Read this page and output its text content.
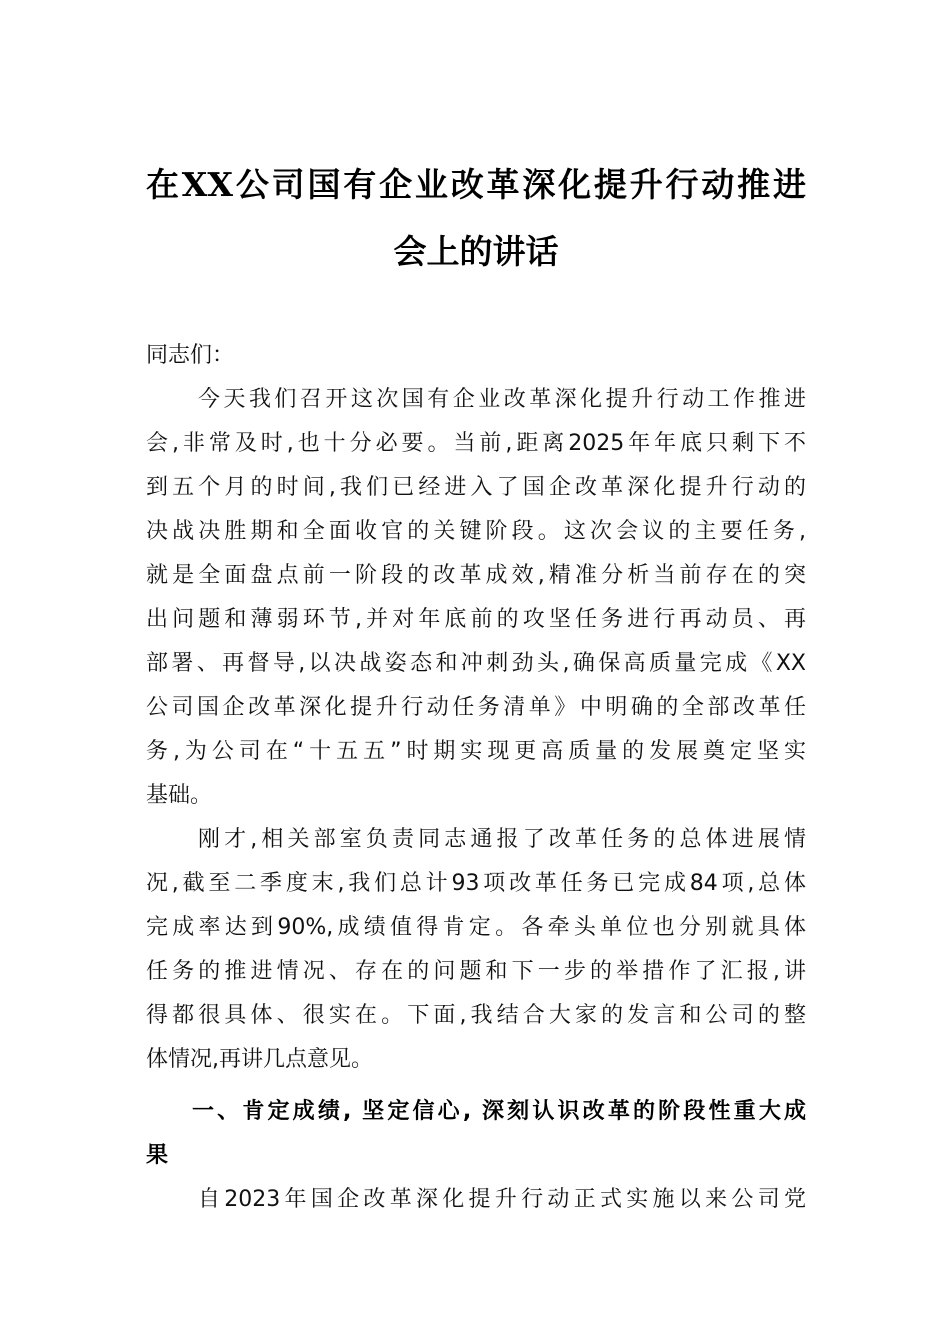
在XX公司国有企业改革深化提升行动推进
会上的讲话
同志们：
今天我们召开这次国有企业改革深化提升行动工作推进
会,非常及时,也十分必要。当前,距离2025年年底只剩下不
到五个月的时间,我们已经进入了国企改革深化提升行动的
决战决胜期和全面收官的关键阶段。这次会议的主要任务,
就是全面盘点前一阶段的改革成效,精准分析当前存在的突
出问题和薄弱环节,并对年底前的攻坚任务进行再动员、再
部署、再督导,以决战姿态和冲刺劲头,确保高质量完成《XX
公司国企改革深化提升行动任务清单》中明确的全部改革任
务,为公司在“十五五”时期实现更高质量的发展奠定坚实
基础。
刚才,相关部室负责同志通报了改革任务的总体进展情
况,截至二季度末,我们总计93项改革任务已完成84项,总体
完成率达到90%,成绩值得肯定。各牵头单位也分别就具体
任务的推进情况、存在的问题和下一步的举措作了汇报,讲
得都很具体、很实在。下面,我结合大家的发言和公司的整
体情况,再讲几点意见。
一、肯定成绩, 坚定信心, 深刻认识改革的阶段性重大成
果
自2023年国企改革深化提升行动正式实施以来公司党
